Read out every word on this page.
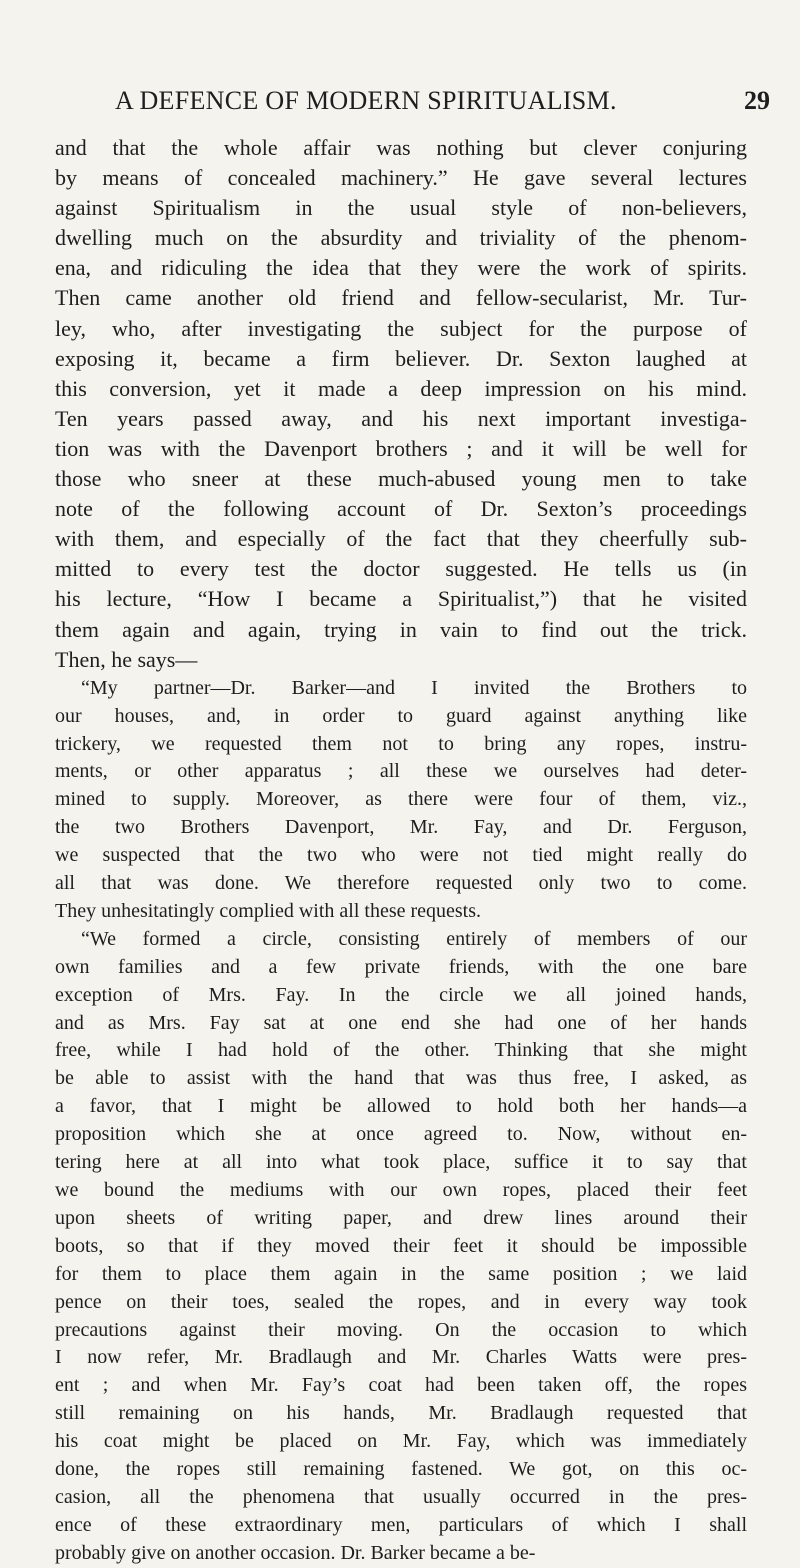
A DEFENCE OF MODERN SPIRITUALISM.	29
and that the whole affair was nothing but clever conjuring
by means of concealed machinery.” He gave several lectures
against Spiritualism in the usual style of non-believers,
dwelling much on the absurdity and triviality of the phenom-
ena, and ridiculing the idea that they were the work of spirits.
Then came another old friend and fellow-secularist, Mr. Tur-
ley, who, after investigating the subject for the purpose of
exposing it, became a firm believer. Dr. Sexton laughed at
this conversion, yet it made a deep impression on his mind.
Ten years passed away, and his next important investiga-
tion was with the Davenport brothers ; and it will be well for
those who sneer at these much-abused young men to take
note of the following account of Dr. Sexton’s proceedings
with them, and especially of the fact that they cheerfully sub-
mitted to every test the doctor suggested. He tells us (in
his lecture, “How I became a Spiritualist,”) that he visited
them again and again, trying in vain to find out the trick.
Then, he says—
“My partner—Dr. Barker—and I invited the Brothers to
our houses, and, in order to guard against anything like
trickery, we requested them not to bring any ropes, instru-
ments, or other apparatus ; all these we ourselves had deter-
mined to supply. Moreover, as there were four of them, viz.,
the two Brothers Davenport, Mr. Fay, and Dr. Ferguson,
we suspected that the two who were not tied might really do
all that was done. We therefore requested only two to come.
They unhesitatingly complied with all these requests.
“We formed a circle, consisting entirely of members of our
own families and a few private friends, with the one bare
exception of Mrs. Fay. In the circle we all joined hands,
and as Mrs. Fay sat at one end she had one of her hands
free, while I had hold of the other. Thinking that she might
be able to assist with the hand that was thus free, I asked, as
a favor, that I might be allowed to hold both her hands—a
proposition which she at once agreed to. Now, without en-
tering here at all into what took place, suffice it to say that
we bound the mediums with our own ropes, placed their feet
upon sheets of writing paper, and drew lines around their
boots, so that if they moved their feet it should be impossible
for them to place them again in the same position ; we laid
pence on their toes, sealed the ropes, and in every way took
precautions against their moving. On the occasion to which
I now refer, Mr. Bradlaugh and Mr. Charles Watts were pres-
ent ; and when Mr. Fay’s coat had been taken off, the ropes
still remaining on his hands, Mr. Bradlaugh requested that
his coat might be placed on Mr. Fay, which was immediately
done, the ropes still remaining fastened. We got, on this oc-
casion, all the phenomena that usually occurred in the pres-
ence of these extraordinary men, particulars of which I shall
probably give on another occasion. Dr. Barker became a be-
